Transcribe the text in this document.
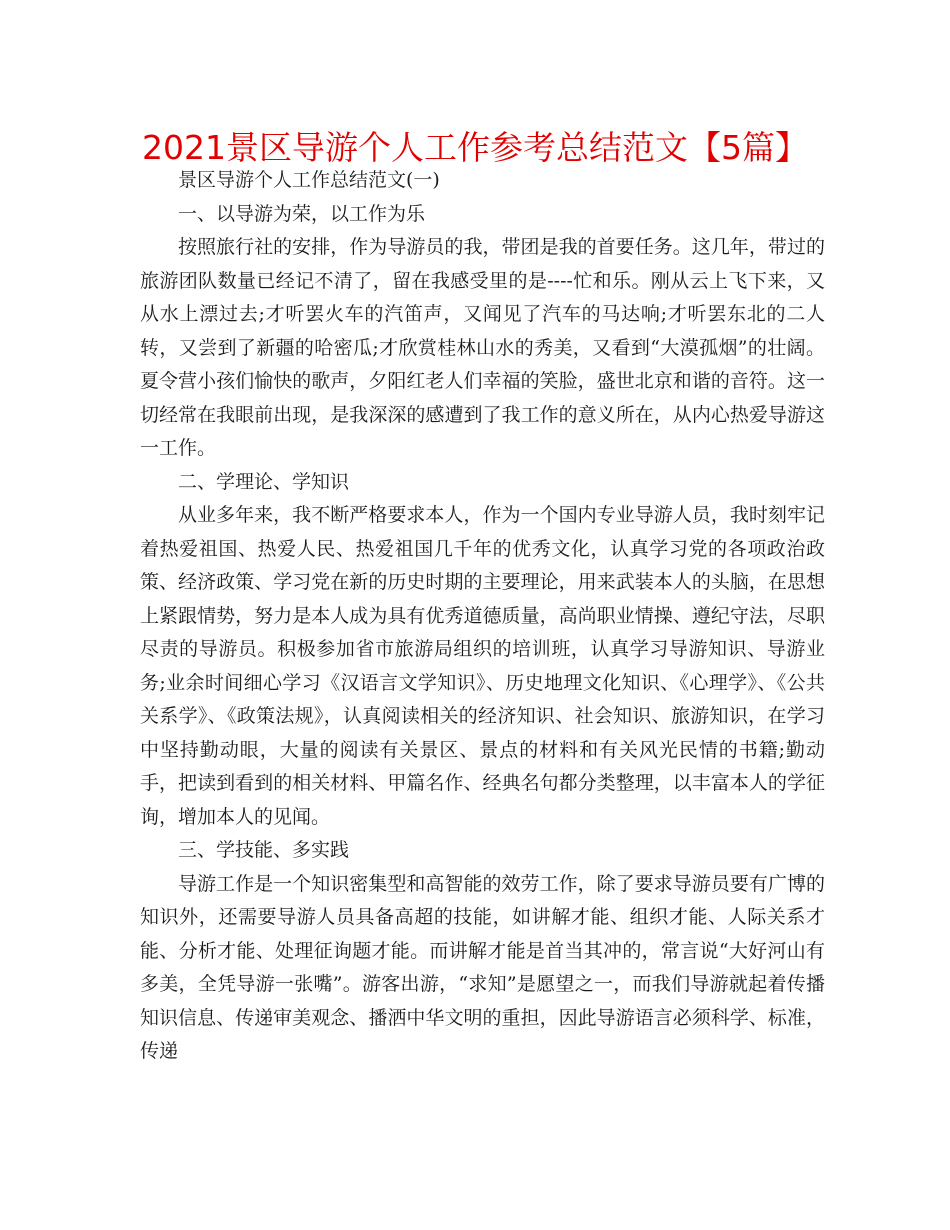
2021景区导游个人工作参考总结范文【5篇】

景区导游个人工作总结范文(一)

一、以导游为荣，以工作为乐

按照旅行社的安排，作为导游员的我，带团是我的首要任务。这几年，带过的旅游团队数量已经记不清了，留在我感受里的是----忙和乐。刚从云上飞下来，又从水上漂过去;才听罢火车的汽笛声，又闻见了汽车的马达响;才听罢东北的二人转，又尝到了新疆的哈密瓜;才欣赏桂林山水的秀美，又看到“大漠孤烟”的壮阔。夏令营小孩们愉快的歌声，夕阳红老人们幸福的笑脸，盛世北京和谐的音符。这一切经常在我眼前出现，是我深深的感遭到了我工作的意义所在，从内心热爱导游这一工作。

二、学理论、学知识

从业多年来，我不断严格要求本人，作为一个国内专业导游人员，我时刻牢记着热爱祖国、热爱人民、热爱祖国几千年的优秀文化，认真学习党的各项政治政策、经济政策、学习党在新的历史时期的主要理论，用来武装本人的头脑，在思想上紧跟情势，努力是本人成为具有优秀道德质量，高尚职业情操、遵纪守法，尽职尽责的导游员。积极参加省市旅游局组织的培训班，认真学习导游知识、导游业务;业余时间细心学习《汉语言文学知识》、历史地理文化知识、《心理学》、《公共关系学》、《政策法规》，认真阅读相关的经济知识、社会知识、旅游知识，在学习中坚持勤动眼，大量的阅读有关景区、景点的材料和有关风光民情的书籍;勤动手，把读到看到的相关材料、甲篇名作、经典名句都分类整理，以丰富本人的学征询，增加本人的见闻。

三、学技能、多实践

导游工作是一个知识密集型和高智能的效劳工作，除了要求导游员要有广博的知识外，还需要导游人员具备高超的技能，如讲解才能、组织才能、人际关系才能、分析才能、处理征询题才能。而讲解才能是首当其冲的，常言说“大好河山有多美，全凭导游一张嘴”。游客出游，“求知”是愿望之一，而我们导游就起着传播知识信息、传递审美观念、播洒中华文明的重担，因此导游语言必须科学、标准，传递
